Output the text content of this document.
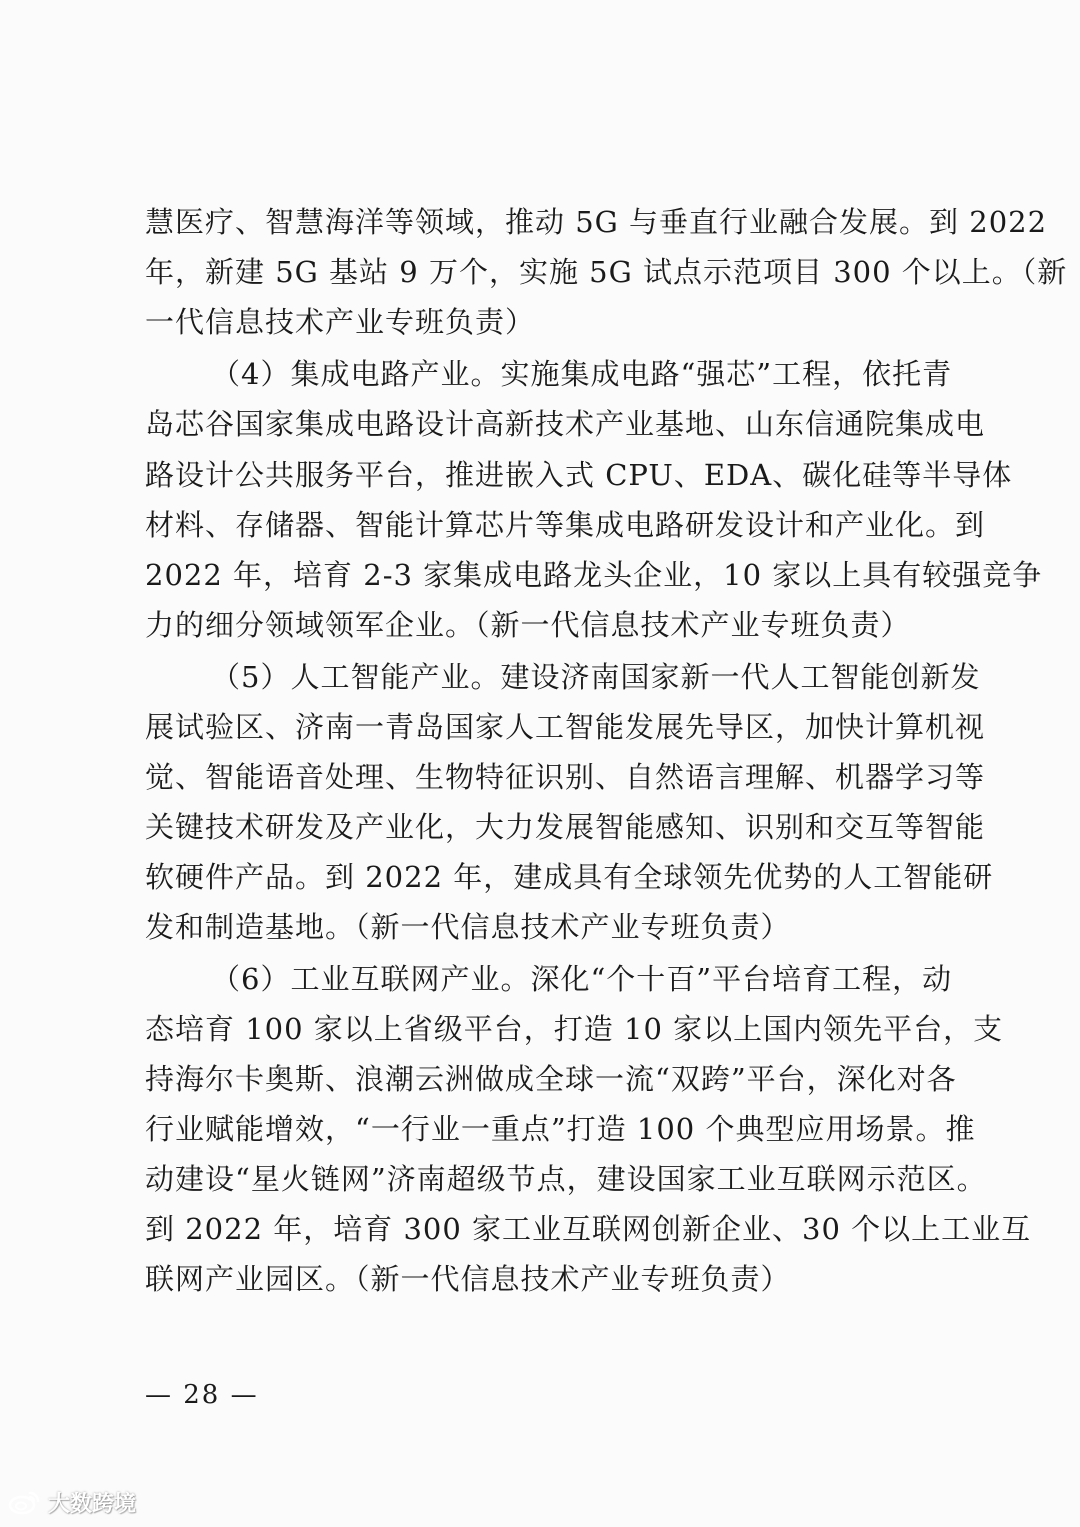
慧医疗、智慧海洋等领域，推动 5G 与垂直行业融合发展。到 2022
年，新建 5G 基站 9 万个，实施 5G 试点示范项目 300 个以上。（新
一代信息技术产业专班负责）
（4）集成电路产业。实施集成电路“强芯”工程，依托青
岛芯谷国家集成电路设计高新技术产业基地、山东信通院集成电
路设计公共服务平台，推进嵌入式 CPU、EDA、碳化硅等半导体
材料、存储器、智能计算芯片等集成电路研发设计和产业化。到
2022 年，培育 2-3 家集成电路龙头企业，10 家以上具有较强竞争
力的细分领域领军企业。（新一代信息技术产业专班负责）
（5）人工智能产业。建设济南国家新一代人工智能创新发
展试验区、济南一青岛国家人工智能发展先导区，加快计算机视
觉、智能语音处理、生物特征识别、自然语言理解、机器学习等
关键技术研发及产业化，大力发展智能感知、识别和交互等智能
软硬件产品。到 2022 年，建成具有全球领先优势的人工智能研
发和制造基地。（新一代信息技术产业专班负责）
（6）工业互联网产业。深化“个十百”平台培育工程，动
态培育 100 家以上省级平台，打造 10 家以上国内领先平台，支
持海尔卡奥斯、浪潮云洲做成全球一流“双跨”平台，深化对各
行业赋能增效，“一行业一重点”打造 100 个典型应用场景。推
动建设“星火链网”济南超级节点，建设国家工业互联网示范区。
到 2022 年，培育 300 家工业互联网创新企业、30 个以上工业互
联网产业园区。（新一代信息技术产业专班负责）
— 28 —
大数跨境
